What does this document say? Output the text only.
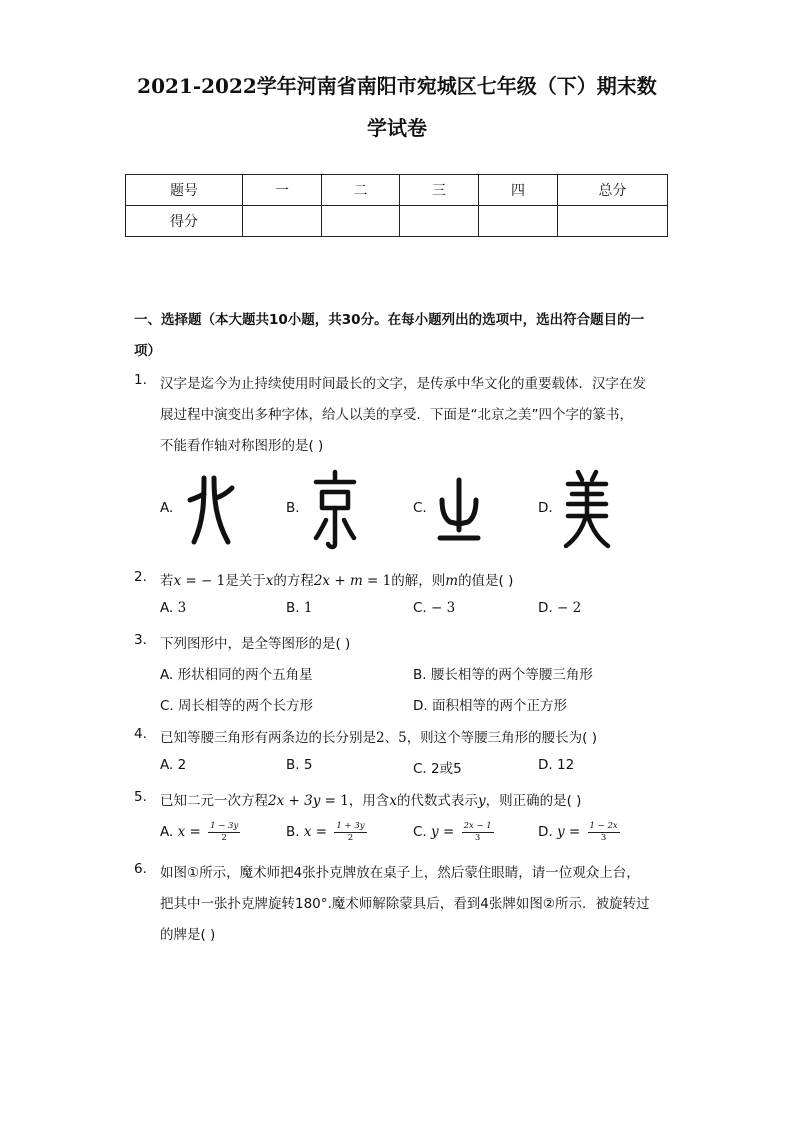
2021-2022学年河南省南阳市宛城区七年级（下）期末数
学试卷
题号	一	二	三	四	总分
得分					
一、选择题（本大题共10小题，共30分。在每小题列出的选项中，选出符合题目的一
项）
1. 汉字是迄今为止持续使用时间最长的文字，是传承中华文化的重要载体．汉字在发
展过程中演变出多种字体，给人以美的享受．下面是“北京之美”四个字的篆书，
不能看作轴对称图形的是( )
A.	B.	C.	D.
2. 若x = − 1是关于x的方程2x + m = 1的解，则m的值是( )
A. 3	B. 1	C. − 3	D. − 2
3. 下列图形中，是全等图形的是( )
A. 形状相同的两个五角星	B. 腰长相等的两个等腰三角形
C. 周长相等的两个长方形	D. 面积相等的两个正方形
4. 已知等腰三角形有两条边的长分别是2、5，则这个等腰三角形的腰长为( )
A. 2	B. 5	C. 2或5	D. 12
5. 已知二元一次方程2x + 3y = 1，用含x的代数式表示y，则正确的是( )
A. $x = \frac{1 - 3y}{2}$	B. $x = \frac{1 + 3y}{2}$	C. $y = \frac{2x - 1}{3}$	D. $y = \frac{1 - 2x}{3}$
6. 如图①所示，魔术师把4张扑克牌放在桌子上，然后蒙住眼睛，请一位观众上台，
把其中一张扑克牌旋转180°.魔术师解除蒙具后，看到4张牌如图②所示．被旋转过
的牌是( )
